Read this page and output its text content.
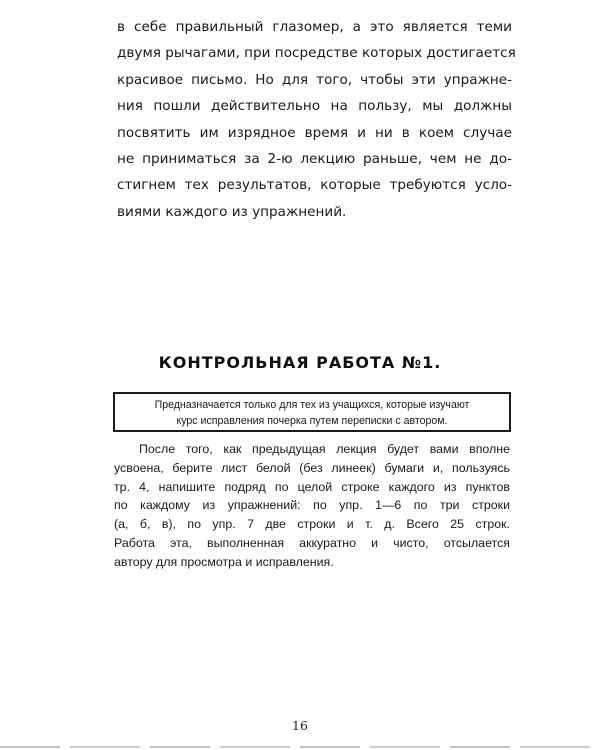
в себе правильный глазомер, а это является теми
двумя рычагами, при посредстве которых достигается
красивое письмо. Но для того, чтобы эти упражне-
ния пошли действительно на пользу, мы должны
посвятить им изрядное время и ни в коем случае
не приниматься за 2-ю лекцию раньше, чем не до-
стигнем тех результатов, которые требуются усло-
виями каждого из упражнений.
КОНТРОЛЬНАЯ РАБОТА №1.
Предназначается только для тех из учащихся, которые изучают
курс исправления почерка путем переписки с автором.
После того, как предыдущая лекция будет вами вполне
усвоена, берите лист белой (без линеек) бумаги и, пользуясь
тр. 4, напишите подряд по целой строке каждого из пунктов
по каждому из упражнений: по упр. 1—6 по три строки
(а, б, в), по упр. 7 две строки и т. д. Всего 25 строк.
Работа эта, выполненная аккуратно и чисто, отсылается
автору для просмотра и исправления.
16
